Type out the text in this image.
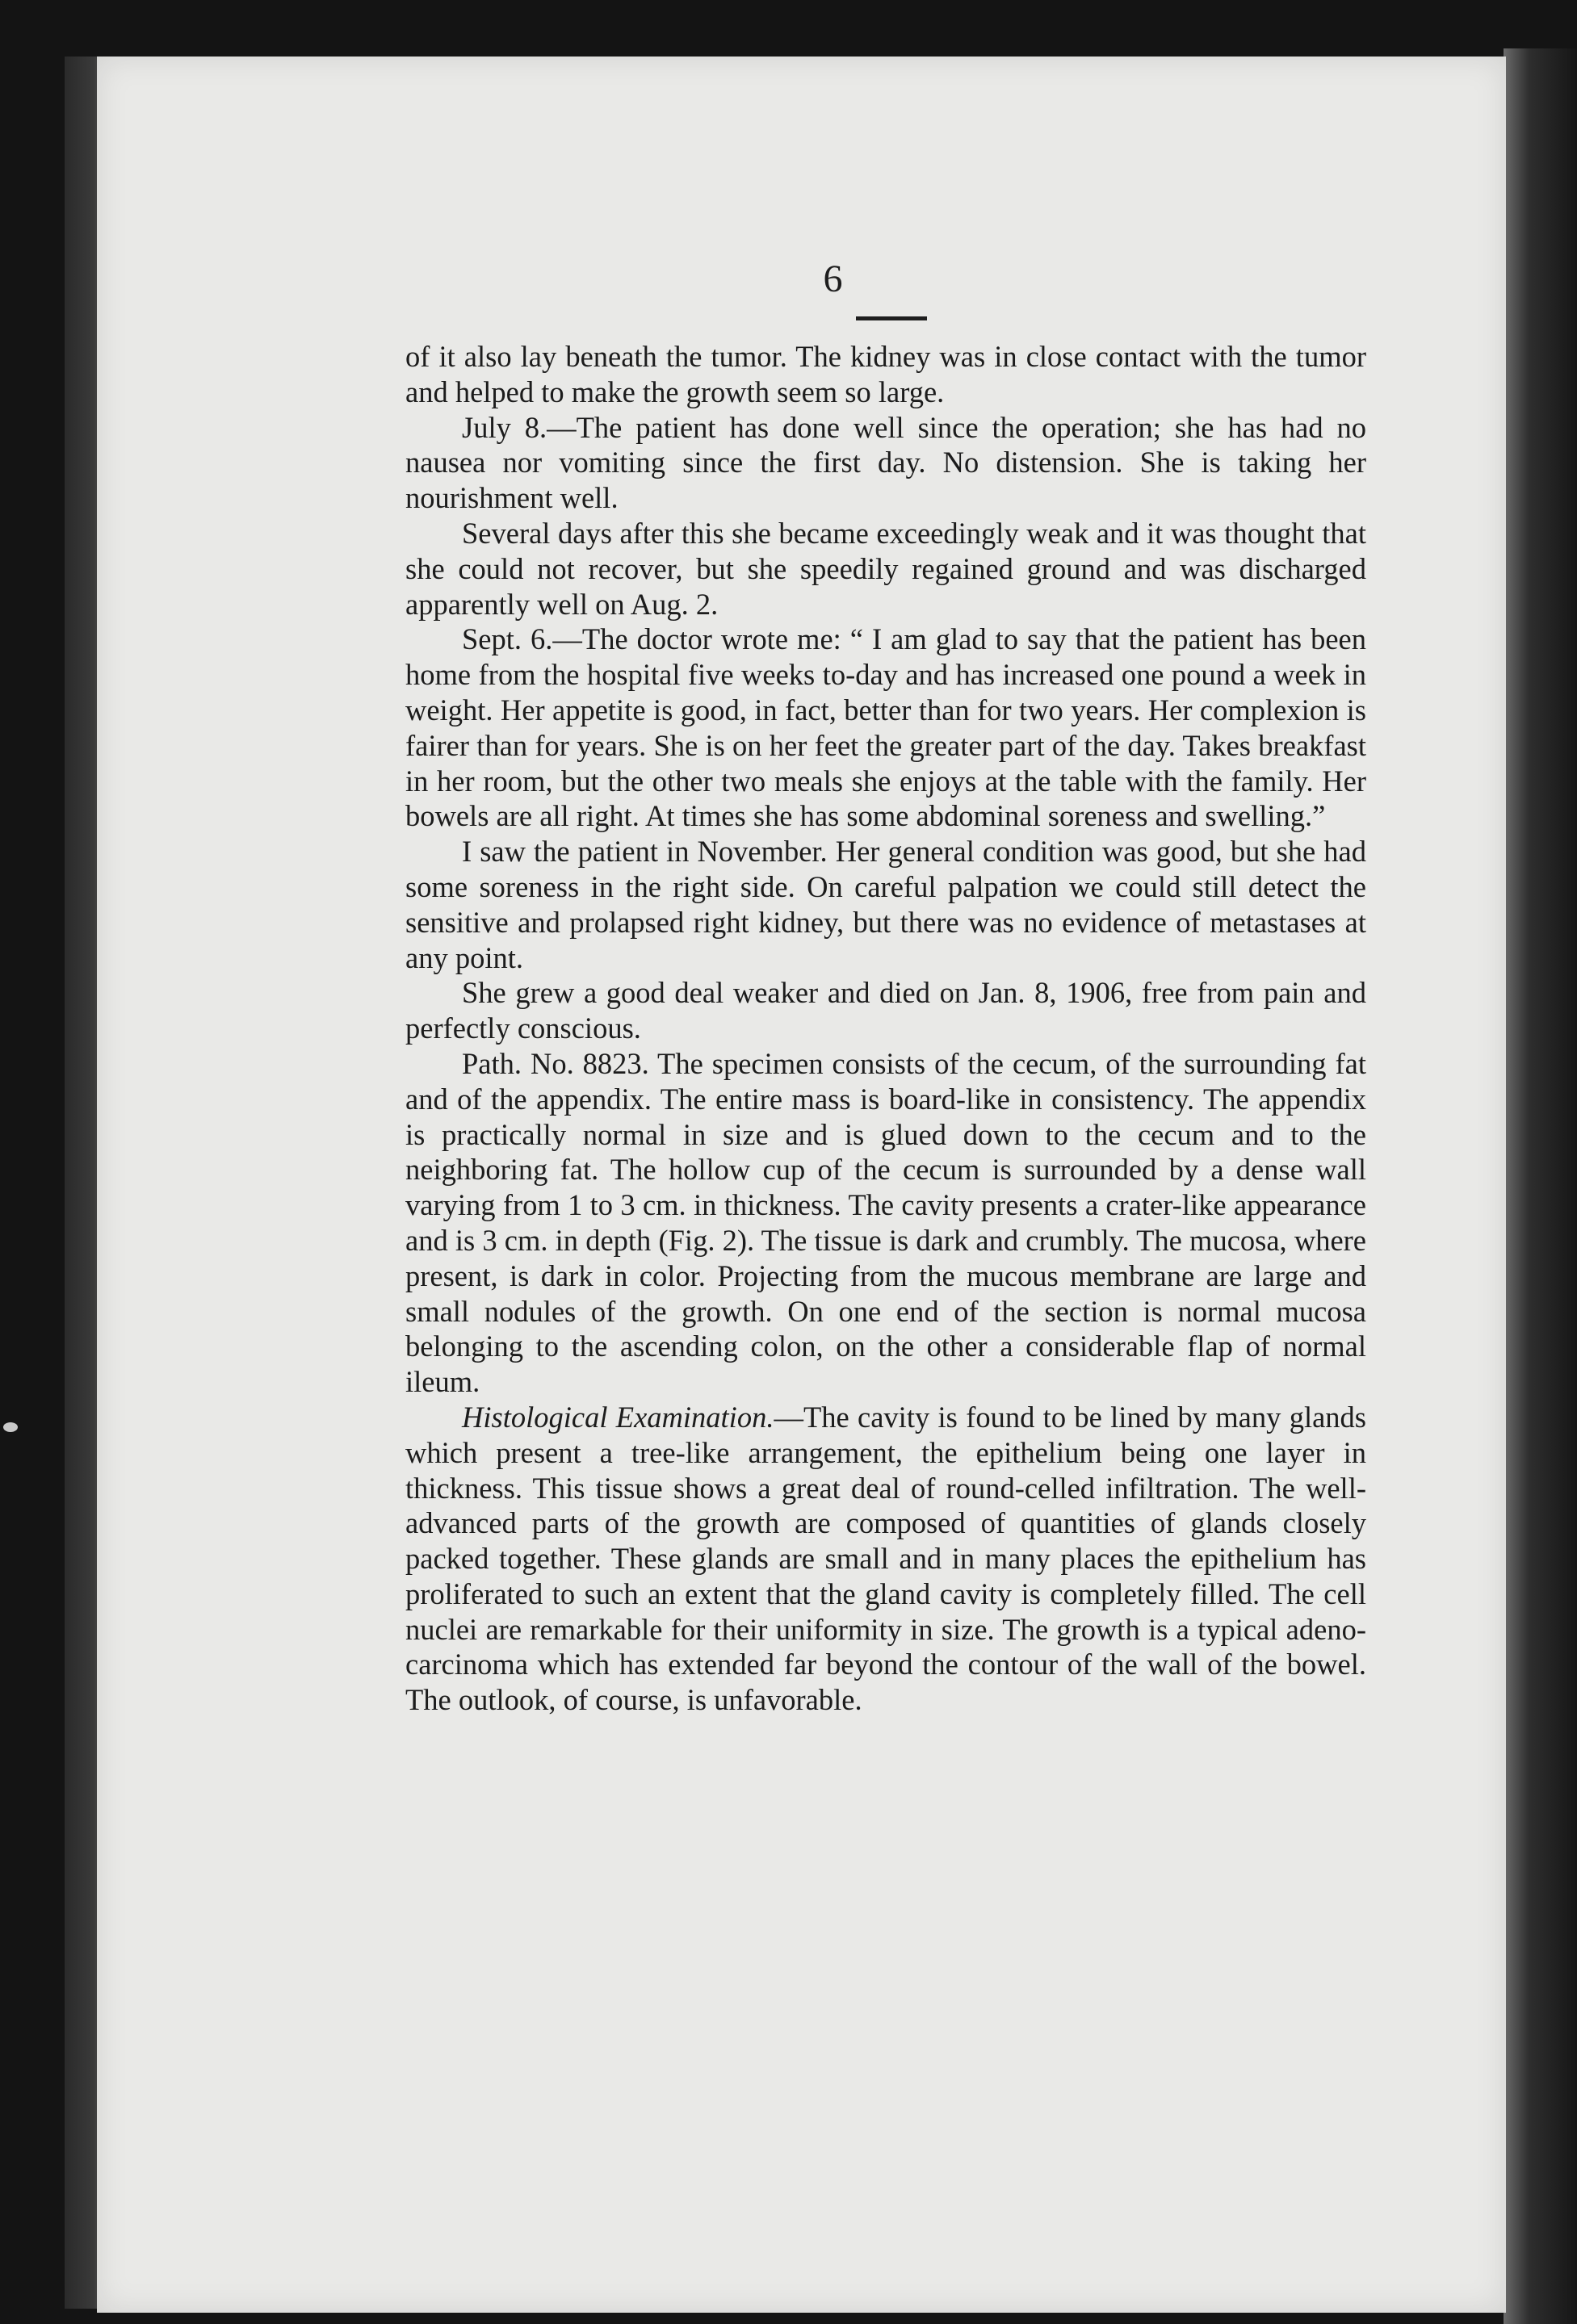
6

of it also lay beneath the tumor. The kidney was in close contact with the tumor and helped to make the growth seem so large.

July 8.—The patient has done well since the operation; she has had no nausea nor vomiting since the first day. No distension. She is taking her nourishment well.

Several days after this she became exceedingly weak and it was thought that she could not recover, but she speedily regained ground and was discharged apparently well on Aug. 2.

Sept. 6.—The doctor wrote me: “ I am glad to say that the patient has been home from the hospital five weeks to-day and has increased one pound a week in weight. Her appetite is good, in fact, better than for two years. Her complexion is fairer than for years. She is on her feet the greater part of the day. Takes breakfast in her room, but the other two meals she enjoys at the table with the family. Her bowels are all right. At times she has some abdominal soreness and swelling.”

I saw the patient in November. Her general condition was good, but she had some soreness in the right side. On careful palpation we could still detect the sensitive and prolapsed right kidney, but there was no evidence of metastases at any point.

She grew a good deal weaker and died on Jan. 8, 1906, free from pain and perfectly conscious.

Path. No. 8823. The specimen consists of the cecum, of the surrounding fat and of the appendix. The entire mass is board-like in consistency. The appendix is practically normal in size and is glued down to the cecum and to the neighboring fat. The hollow cup of the cecum is surrounded by a dense wall varying from 1 to 3 cm. in thickness. The cavity presents a crater-like appearance and is 3 cm. in depth (Fig. 2). The tissue is dark and crumbly. The mucosa, where present, is dark in color. Projecting from the mucous membrane are large and small nodules of the growth. On one end of the section is normal mucosa belonging to the ascending colon, on the other a considerable flap of normal ileum.

Histological Examination.—The cavity is found to be lined by many glands which present a tree-like arrangement, the epithelium being one layer in thickness. This tissue shows a great deal of round-celled infiltration. The well-advanced parts of the growth are composed of quantities of glands closely packed together. These glands are small and in many places the epithelium has proliferated to such an extent that the gland cavity is completely filled. The cell nuclei are remarkable for their uniformity in size. The growth is a typical adeno-carcinoma which has extended far beyond the contour of the wall of the bowel. The outlook, of course, is unfavorable.
